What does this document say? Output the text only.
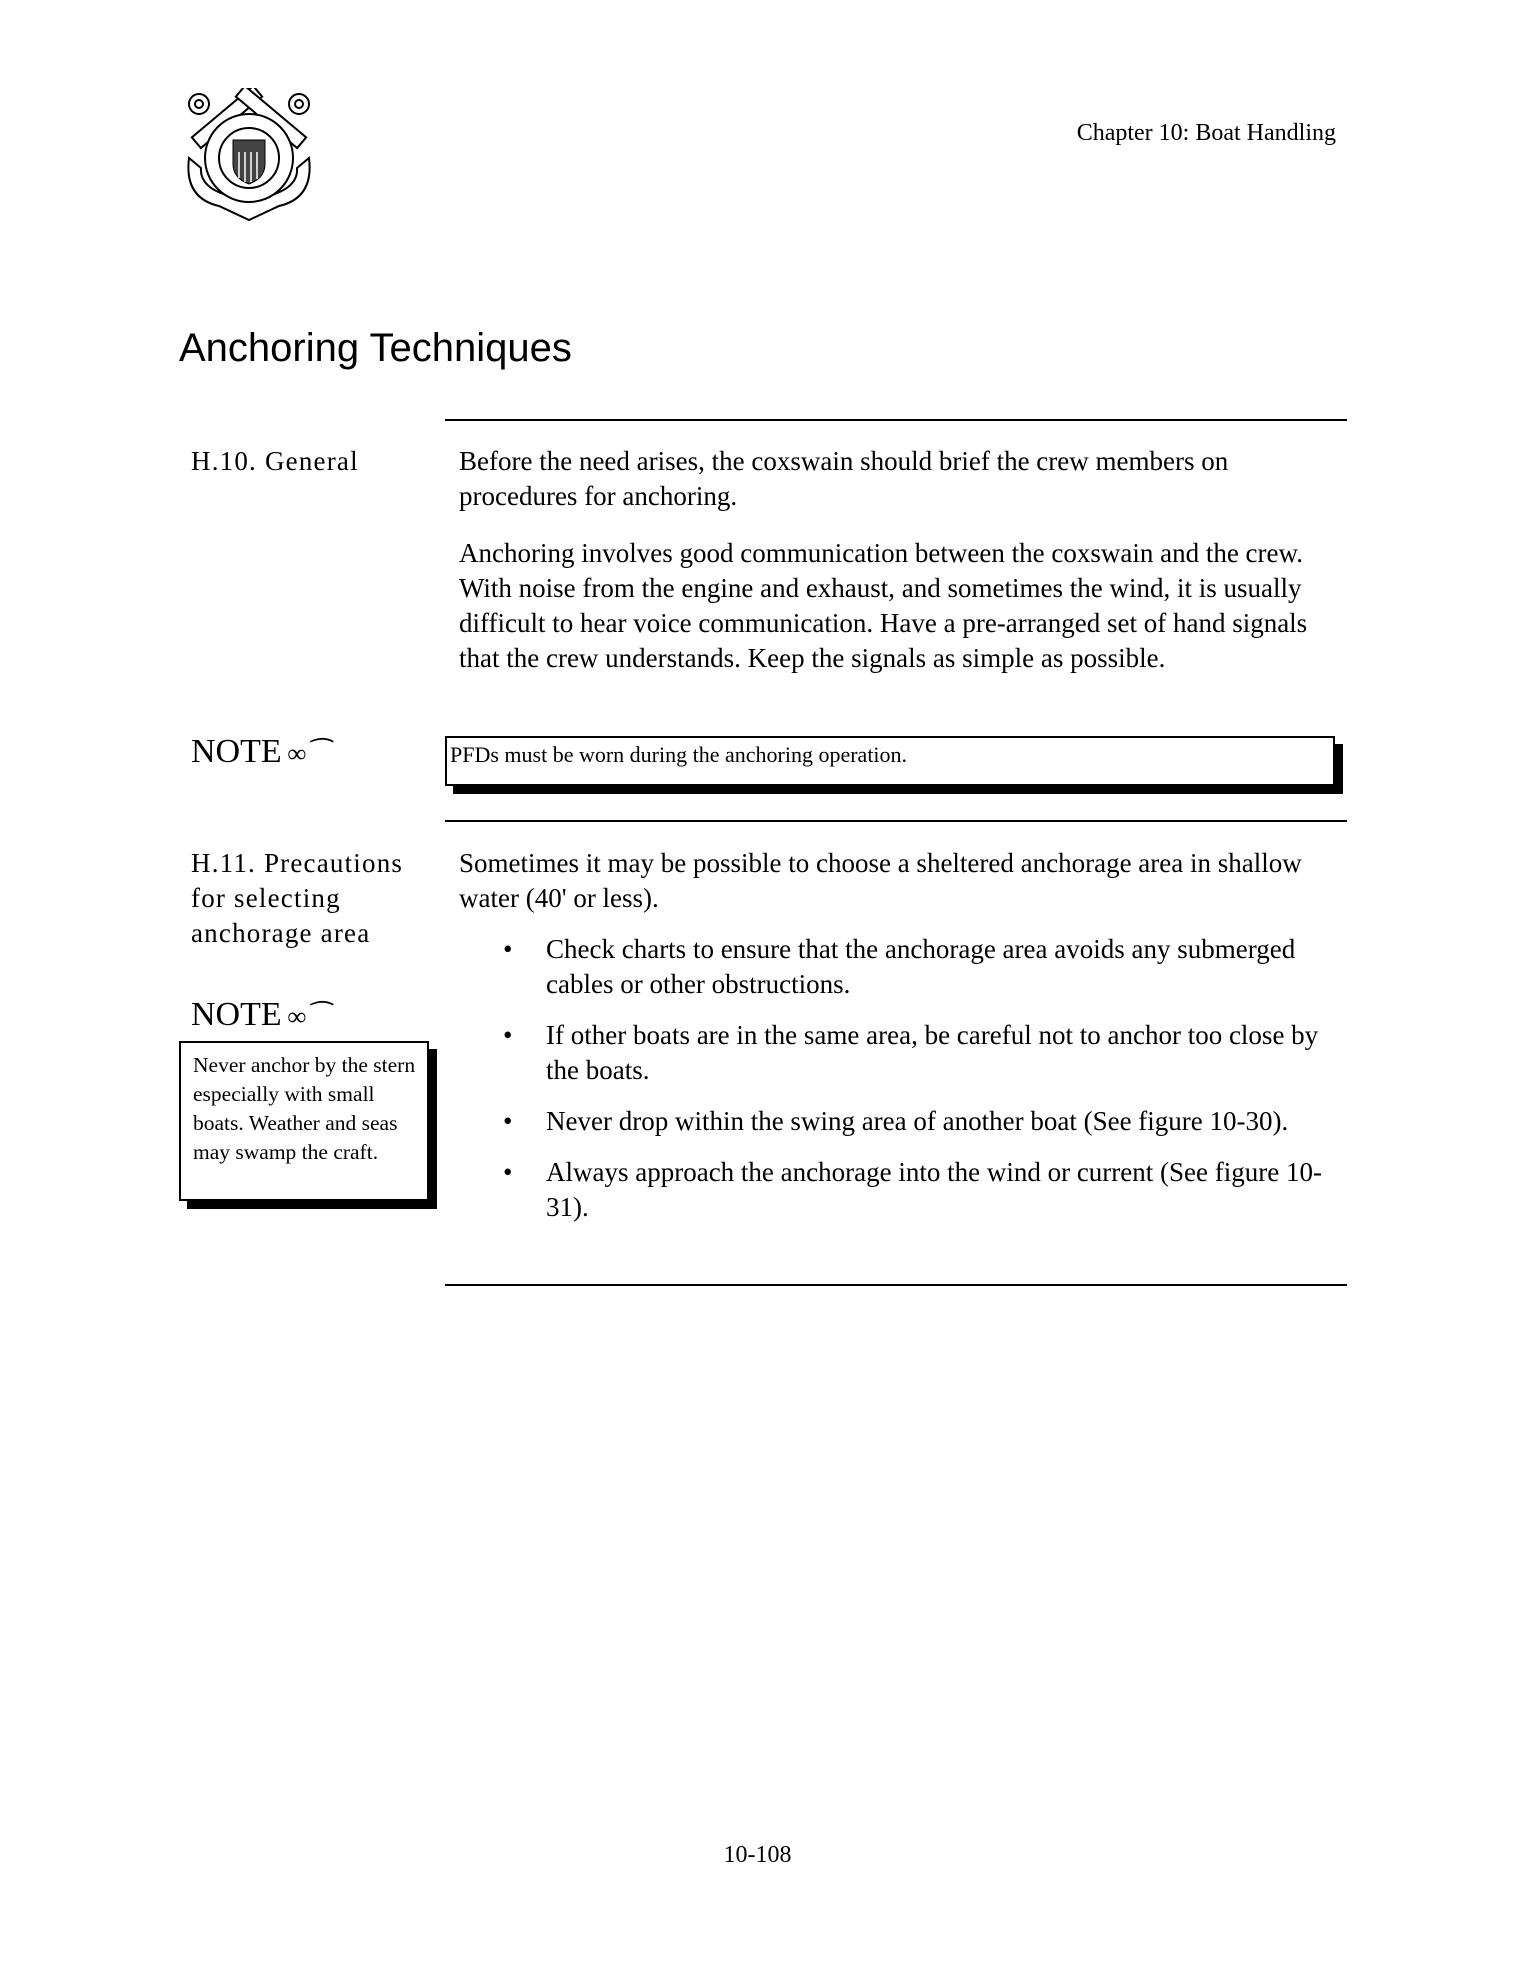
Chapter 10: Boat Handling
Anchoring Techniques
H.10. General	Before the need arises, the coxswain should brief the crew members on procedures for anchoring.

Anchoring involves good communication between the coxswain and the crew. With noise from the engine and exhaust, and sometimes the wind, it is usually difficult to hear voice communication. Have a pre-arranged set of hand signals that the crew understands. Keep the signals as simple as possible.

NOTE ∞⁀	PFDs must be worn during the anchoring operation.
H.11. Precautions for selecting anchorage area

Sometimes it may be possible to choose a sheltered anchorage area in shallow water (40' or less).

• Check charts to ensure that the anchorage area avoids any submerged cables or other obstructions.
• If other boats are in the same area, be careful not to anchor too close by the boats.
• Never drop within the swing area of another boat (See figure 10-30).
• Always approach the anchorage into the wind or current (See figure 10-31).
NOTE ∞⁀
Never anchor by the stern especially with small boats. Weather and seas may swamp the craft.
10-108
